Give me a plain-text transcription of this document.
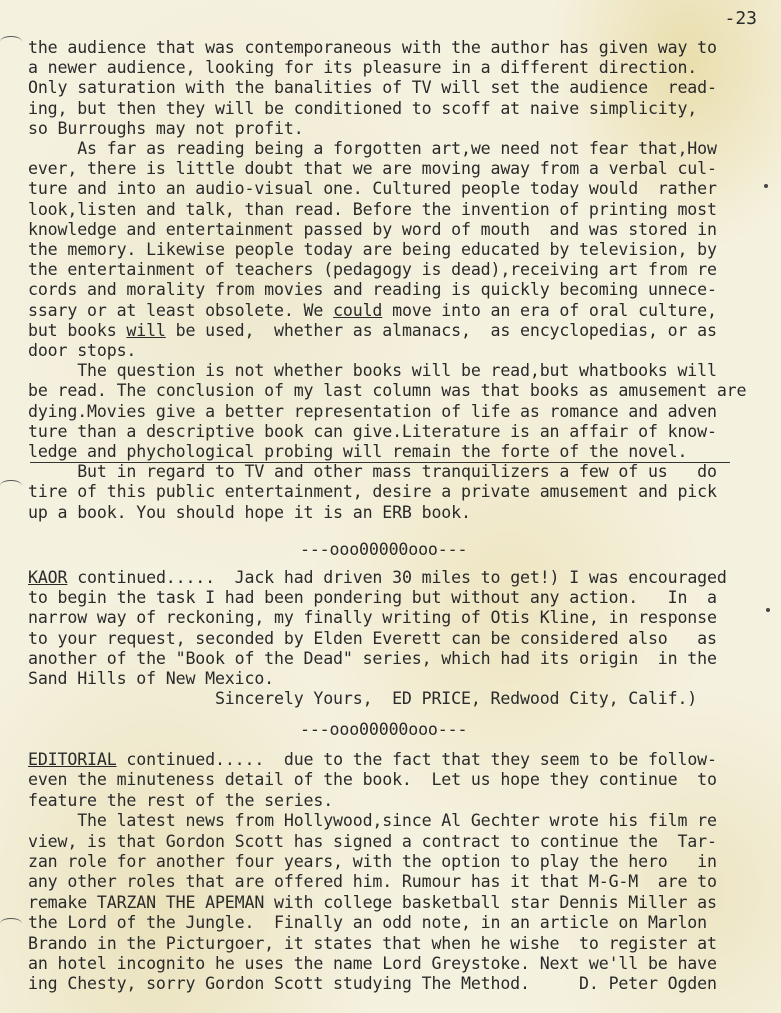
-23
the audience that was contemporaneous with the author has given way to
a newer audience, looking for its pleasure in a different direction.
Only saturation with the banalities of TV will set the audience  read-
ing, but then they will be conditioned to scoff at naive simplicity,
so Burroughs may not profit.
As far as reading being a forgotten art,we need not fear that,How
ever, there is little doubt that we are moving away from a verbal cul-
ture and into an audio-visual one. Cultured people today would  rather
look,listen and talk, than read. Before the invention of printing most
knowledge and entertainment passed by word of mouth  and was stored in
the memory. Likewise people today are being educated by television, by
the entertainment of teachers (pedagogy is dead),receiving art from re
cords and morality from movies and reading is quickly becoming unnece-
ssary or at least obsolete. We could move into an era of oral culture,
but books will be used,  whether as almanacs,  as encyclopedias, or as
door stops.
The question is not whether books will be read,but whatbooks will
be read. The conclusion of my last column was that books as amusement are
dying.Movies give a better representation of life as romance and adven
ture than a descriptive book can give.Literature is an affair of know-
ledge and phychological probing will remain the forte of the novel.
But in regard to TV and other mass tranquilizers a few of us   do
tire of this public entertainment, desire a private amusement and pick
up a book. You should hope it is an ERB book.
---ooo00000ooo---
KAOR continued.....  Jack had driven 30 miles to get!) I was encouraged
to begin the task I had been pondering but without any action.   In  a
narrow way of reckoning, my finally writing of Otis Kline, in response
to your request, seconded by Elden Everett can be considered also   as
another of the "Book of the Dead" series, which had its origin  in the
Sand Hills of New Mexico.
Sincerely Yours,  ED PRICE, Redwood City, Calif.)
---ooo00000ooo---
EDITORIAL continued.....  due to the fact that they seem to be follow-
even the minuteness detail of the book.  Let us hope they continue  to
feature the rest of the series.
The latest news from Hollywood,since Al Gechter wrote his film re
view, is that Gordon Scott has signed a contract to continue the  Tar-
zan role for another four years, with the option to play the hero   in
any other roles that are offered him. Rumour has it that M-G-M  are to
remake TARZAN THE APEMAN with college basketball star Dennis Miller as
the Lord of the Jungle.  Finally an odd note, in an article on Marlon
Brando in the Picturgoer, it states that when he wishe  to register at
an hotel incognito he uses the name Lord Greystoke. Next we'll be have
ing Chesty, sorry Gordon Scott studying The Method.     D. Peter Ogden
